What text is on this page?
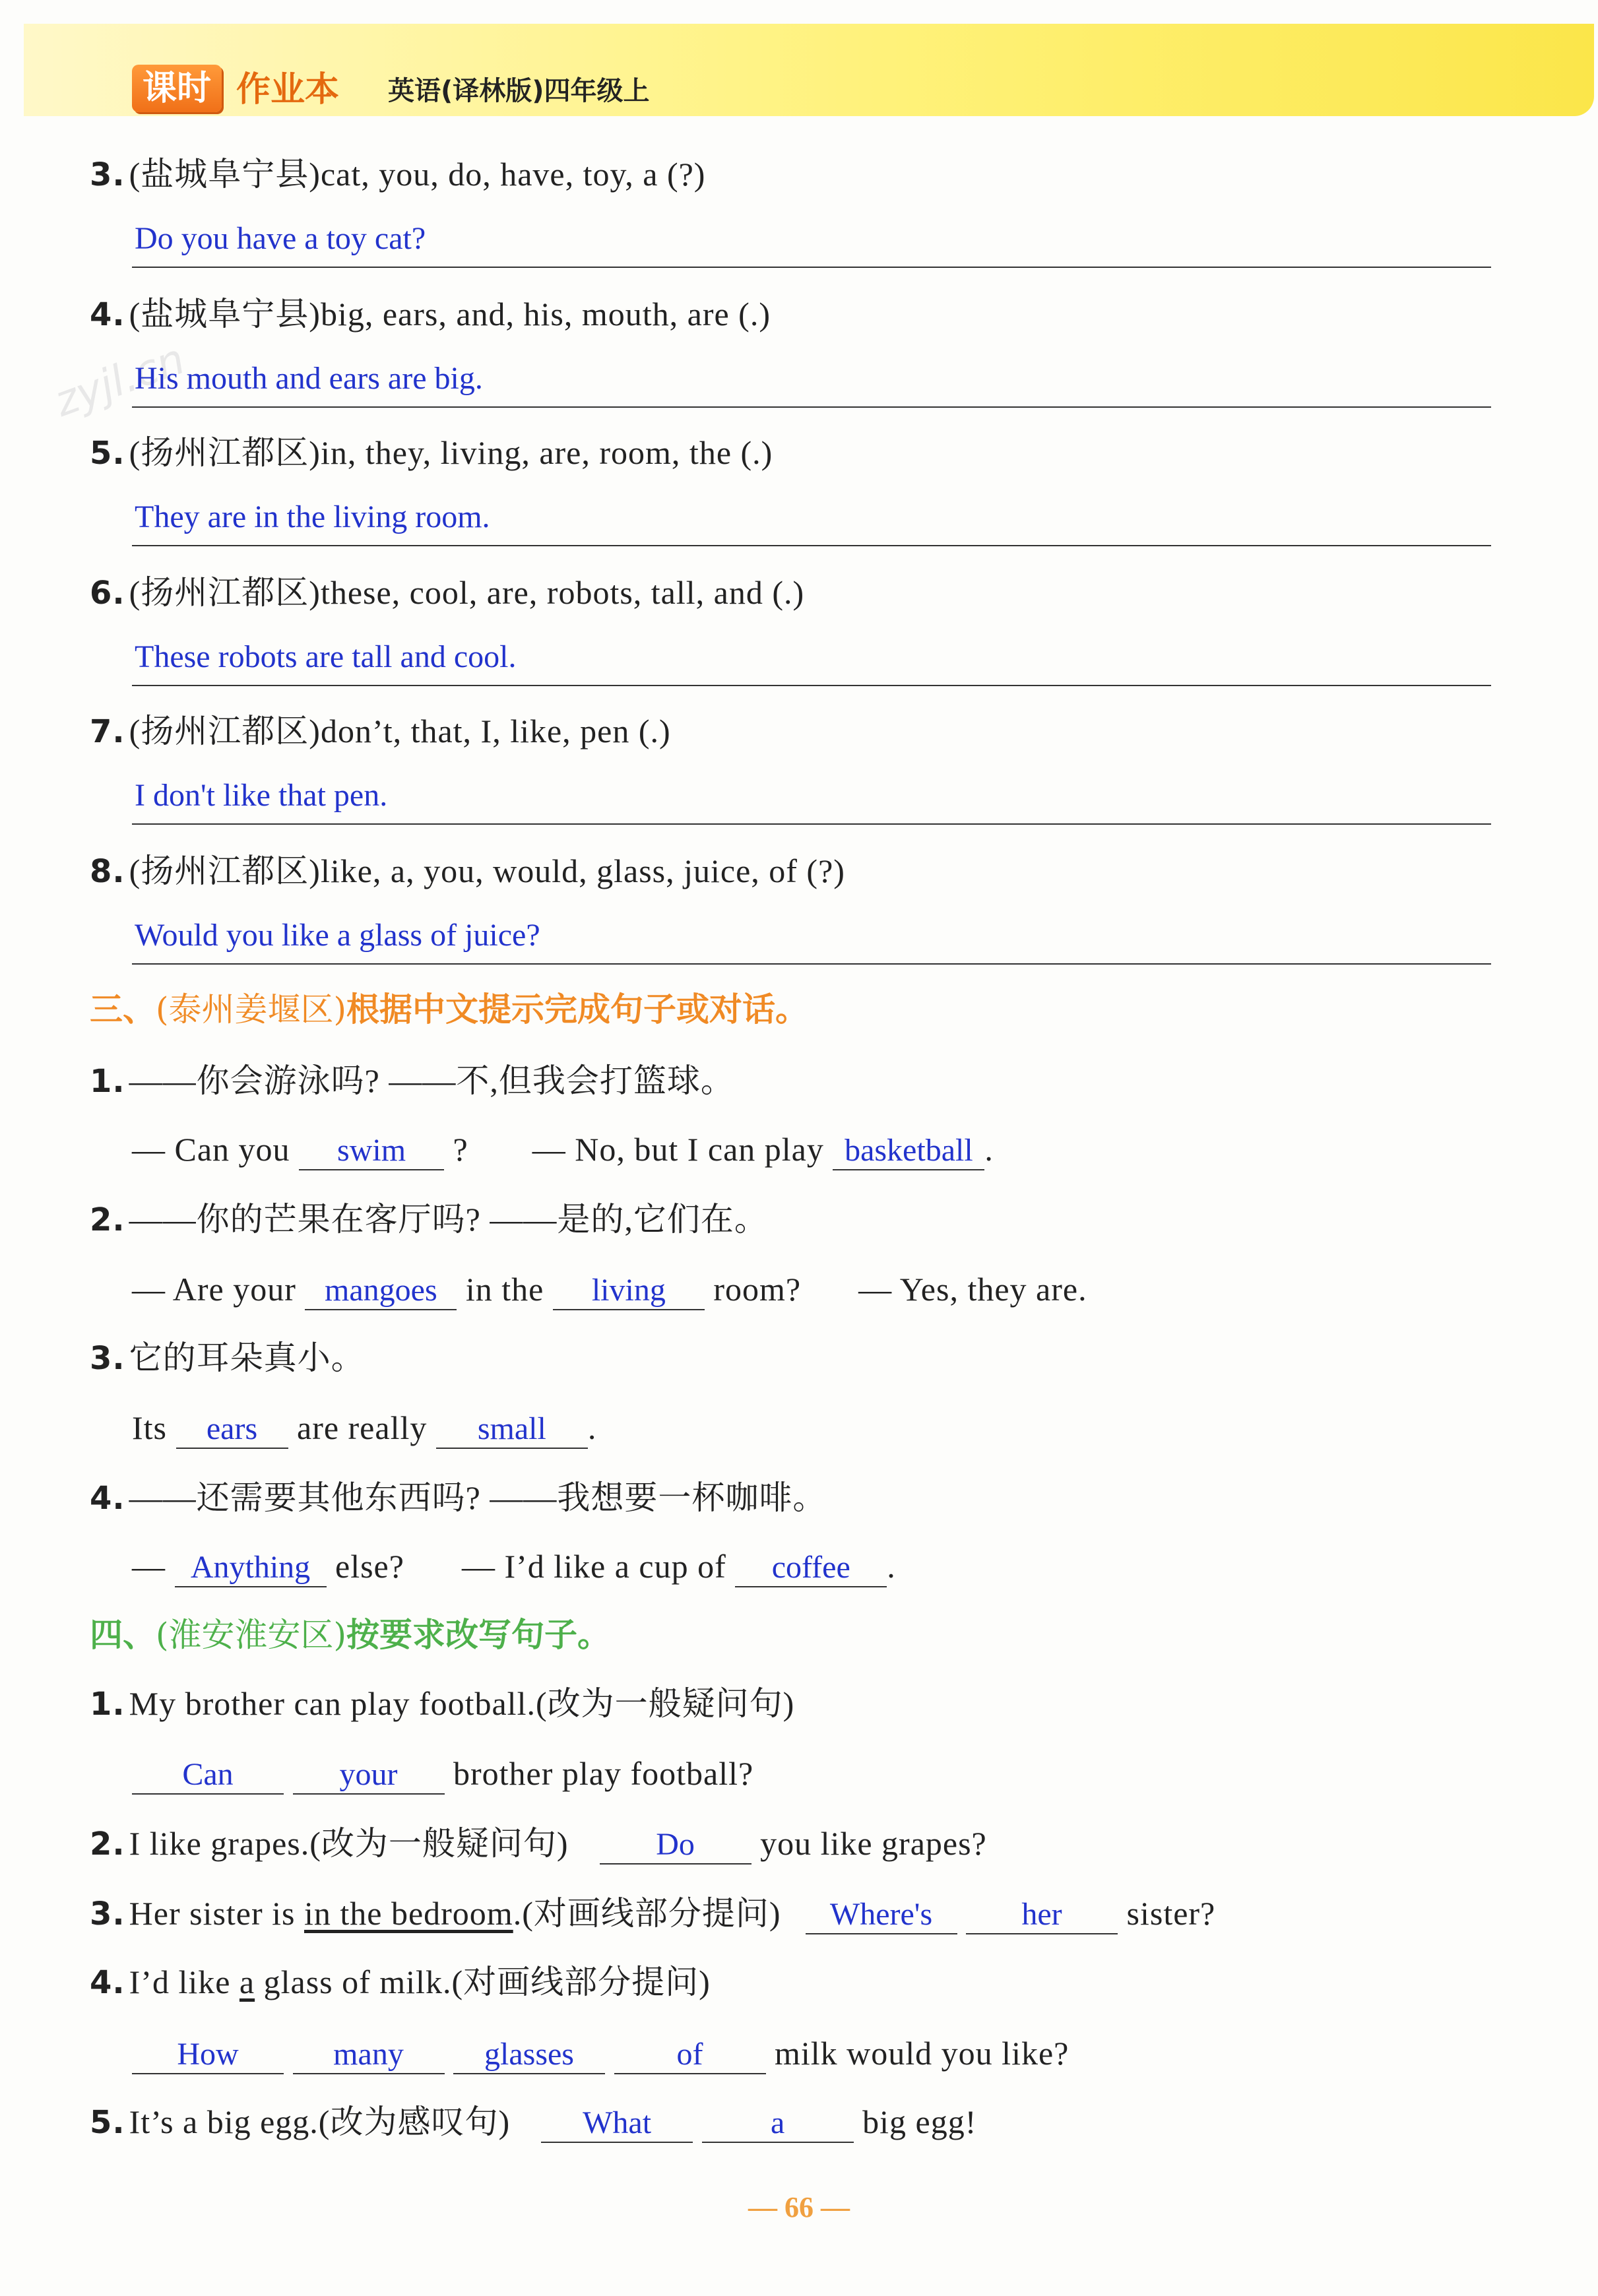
课时 作业本 英语(译林版)四年级上
zyjl.cn
3. (盐城阜宁县)cat, you, do, have, toy, a (?)
Do you have a toy cat?
4. (盐城阜宁县)big, ears, and, his, mouth, are (.)
His mouth and ears are big.
5. (扬州江都区)in, they, living, are, room, the (.)
They are in the living room.
6. (扬州江都区)these, cool, are, robots, tall, and (.)
These robots are tall and cool.
7. (扬州江都区)don’t, that, I, like, pen (.)
I don't like that pen.
8. (扬州江都区)like, a, you, would, glass, juice, of (?)
Would you like a glass of juice?
三、(泰州姜堰区)根据中文提示完成句子或对话。
1. ——你会游泳吗? ——不,但我会打篮球。
— Can you swim ? — No, but I can play basketball .
2. ——你的芒果在客厅吗? ——是的,它们在。
— Are your mangoes in the living room? — Yes, they are.
3. 它的耳朵真小。
Its ears are really small .
4. ——还需要其他东西吗? ——我想要一杯咖啡。
— Anything else? — I’d like a cup of coffee .
四、(淮安淮安区)按要求改写句子。
1. My brother can play football.(改为一般疑问句)
Can	your brother play football?
2. I like grapes.(改为一般疑问句)	Do you like grapes?
3. Her sister is in the bedroom.(对画线部分提问) Where's	her sister?
4. I’d like a glass of milk.(对画线部分提问)
How	many	glasses	of milk would you like?
5. It’s a big egg.(改为感叹句) What	a big egg!
— 66 —
